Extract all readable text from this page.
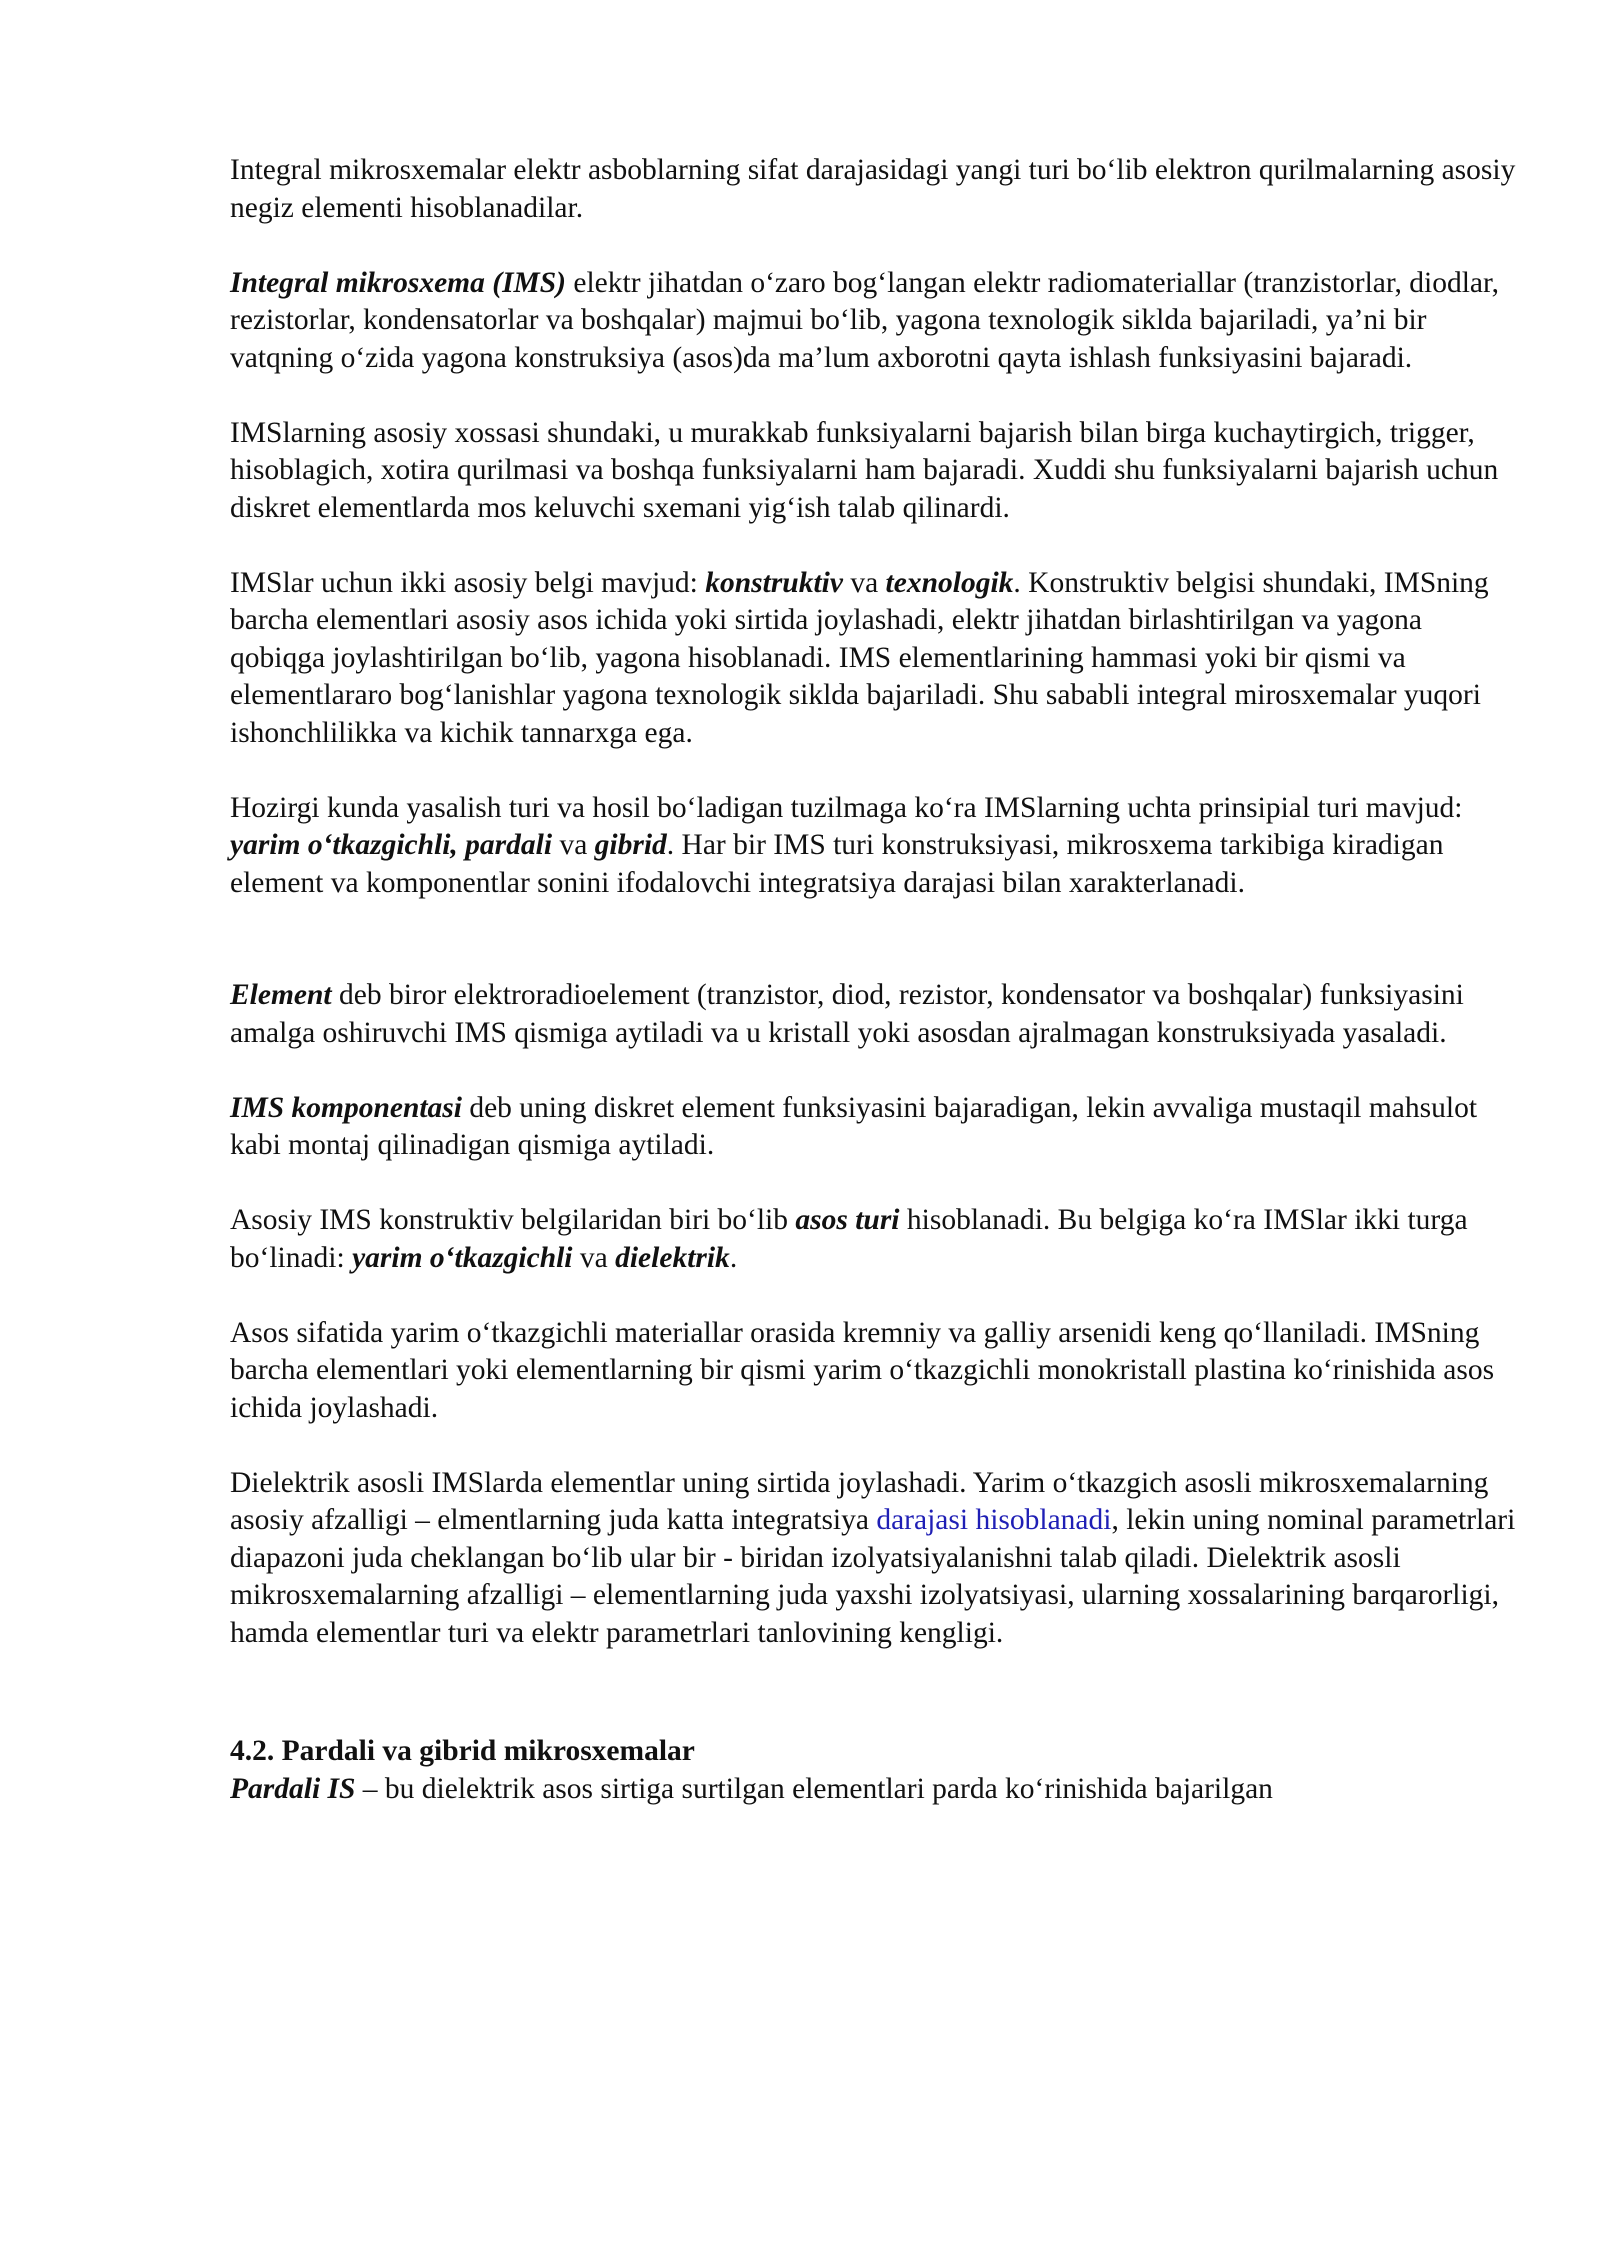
Integral mikrosxemalar elektr asboblarning sifat darajasidagi yangi turi bo‘lib elektron qurilmalarning asosiy negiz elementi hisoblanadilar.

Integral mikrosxema (IMS) elektr jihatdan o‘zaro bog‘langan elektr radiomateriallar (tranzistorlar, diodlar, rezistorlar, kondensatorlar va boshqalar) majmui bo‘lib, yagona texnologik siklda bajariladi, ya’ni bir vatqning o‘zida yagona konstruksiya (asos)da ma’lum axborotni qayta ishlash funksiyasini bajaradi.

IMSlarning asosiy xossasi shundaki, u murakkab funksiyalarni bajarish bilan birga kuchaytirgich, trigger, hisoblagich, xotira qurilmasi va boshqa funksiyalarni ham bajaradi. Xuddi shu funksiyalarni bajarish uchun diskret elementlarda mos keluvchi sxemani yig‘ish talab qilinardi.

IMSlar uchun ikki asosiy belgi mavjud: konstruktiv va texnologik. Konstruktiv belgisi shundaki, IMSning barcha elementlari asosiy asos ichida yoki sirtida joylashadi, elektr jihatdan birlashtirilgan va yagona qobiqga joylashtirilgan bo‘lib, yagona hisoblanadi. IMS elementlarining hammasi yoki bir qismi va elementlararo bog‘lanishlar yagona texnologik siklda bajariladi. Shu sababli integral mirosxemalar yuqori ishonchlilikka va kichik tannarxga ega.

Hozirgi kunda yasalish turi va hosil bo‘ladigan tuzilmaga ko‘ra IMSlarning uchta prinsipial turi mavjud: yarim o‘tkazgichli, pardali va gibrid. Har bir IMS turi konstruksiyasi, mikrosxema tarkibiga kiradigan element va komponentlar sonini ifodalovchi integratsiya darajasi bilan xarakterlanadi.

Element deb biror elektroradioelement (tranzistor, diod, rezistor, kondensator va boshqalar) funksiyasini amalga oshiruvchi IMS qismiga aytiladi va u kristall yoki asosdan ajralmagan konstruksiyada yasaladi.

IMS komponentasi deb uning diskret element funksiyasini bajaradigan, lekin avvaliga mustaqil mahsulot kabi montaj qilinadigan qismiga aytiladi.

Asosiy IMS konstruktiv belgilaridan biri bo‘lib asos turi hisoblanadi. Bu belgiga ko‘ra IMSlar ikki turga bo‘linadi: yarim o‘tkazgichli va dielektrik.

Asos sifatida yarim o‘tkazgichli materiallar orasida kremniy va galliy arsenidi keng qo‘llaniladi. IMSning barcha elementlari yoki elementlarning bir qismi yarim o‘tkazgichli monokristall plastina ko‘rinishida asos ichida joylashadi.

Dielektrik asosli IMSlarda elementlar uning sirtida joylashadi. Yarim o‘tkazgich asosli mikrosxemalarning asosiy afzalligi – elmentlarning juda katta integratsiya darajasi hisoblanadi, lekin uning nominal parametrlari diapazoni juda cheklangan bo‘lib ular bir - biridan izolyatsiyalanishni talab qiladi. Dielektrik asosli mikrosxemalarning afzalligi – elementlarning juda yaxshi izolyatsiyasi, ularning xossalarining barqarorligi, hamda elementlar turi va elektr parametrlari tanlovining kengligi.

4.2. Pardali va gibrid mikrosxemalar

Pardali IS – bu dielektrik asos sirtiga surtilgan elementlari parda ko‘rinishida bajarilgan
